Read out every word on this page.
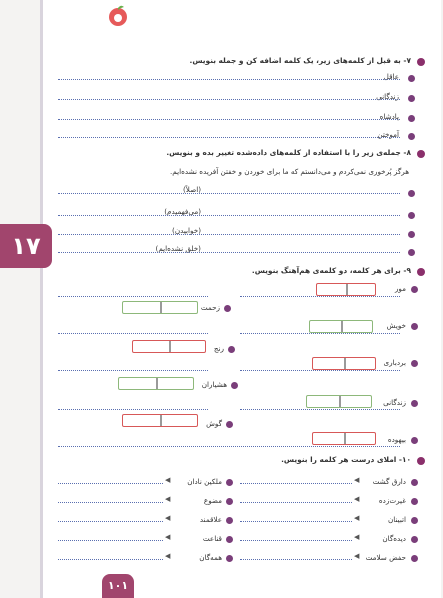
۱۷
۷- به قبل از کلمه‌های زیر، یک کلمه اضافه کن و جمله بنویس.
عاقل
زندگانی
پادشاه
آموختن
۸- جمله‌ی زیر را با استفاده از کلمه‌های داده‌شده تغییر بده و بنویس.
هرگز پُرخوری نمی‌کردم و می‌دانستم که ما برای خوردن و خفتن آفریده نشده‌ایم.
(اصلاً)
(می‌فهمیدم)
(خوابیدن)
(خلق نشده‌ایم)
۹- برای هر کلمه، دو کلمه‌ی هم‌آهنگ بنویس.
مور
خویش
بردباری
زندگانی
بیهوده
زحمت
رنج
هشیاران
گوش
۱۰- املای درست هر کلمه را بنویس.
دارق گشت
◀
ملکین نادان
◀
غیرت‌زده
◀
مضوع
◀
اتبینان
◀
علاقمند
◀
دیده‌گان
◀
قناعت
◀
حفض سلامت
◀
همه‌گان
◀
۱۰۱
